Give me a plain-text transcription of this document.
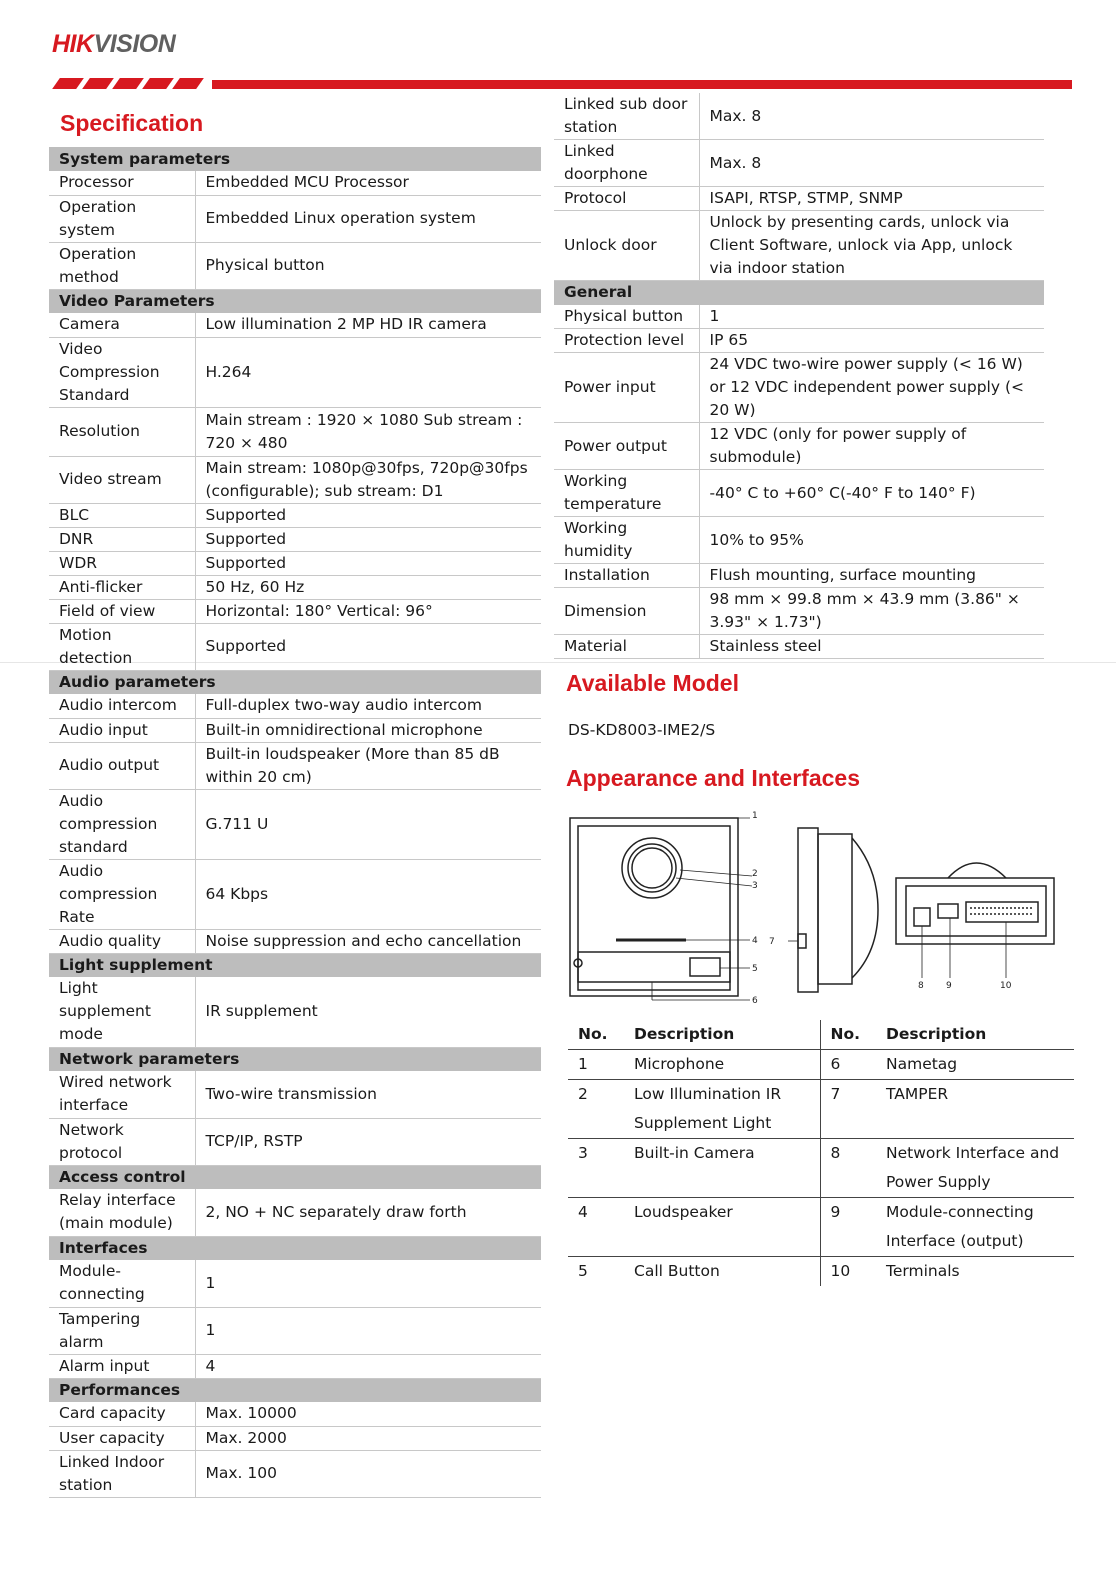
HIKVISION
Specification
System parameters	
Processor	Embedded MCU Processor
Operation system	Embedded Linux operation system
Operation method	Physical button
Video Parameters	
Camera	Low illumination 2 MP HD IR camera
Video Compression Standard	H.264
Resolution	Main stream : 1920 × 1080 Sub stream : 720 × 480
Video stream	Main stream: 1080p@30fps, 720p@30fps (configurable); sub stream: D1
BLC	Supported
DNR	Supported
WDR	Supported
Anti-flicker	50 Hz, 60 Hz
Field of view	Horizontal: 180° Vertical: 96°
Motion detection	Supported
Audio parameters	
Audio intercom	Full-duplex two-way audio intercom
Audio input	Built-in omnidirectional microphone
Audio output	Built-in loudspeaker (More than 85 dB within 20 cm)
Audio compression standard	G.711 U
Audio compression Rate	64 Kbps
Audio quality	Noise suppression and echo cancellation
Light supplement	
Light supplement mode	IR supplement
Network parameters	
Wired network interface	Two-wire transmission
Network protocol	TCP/IP, RSTP
Access control	
Relay interface (main module)	2, NO + NC separately draw forth
Interfaces	
Module-connecting	1
Tampering alarm	1
Alarm input	4
Performances	
Card capacity	Max. 10000
User capacity	Max. 2000
Linked Indoor station	Max. 100
Linked sub door station	Max. 8
Linked doorphone	Max. 8
Protocol	ISAPI, RTSP, STMP, SNMP
Unlock door	Unlock by presenting cards, unlock via Client Software, unlock via App, unlock via indoor station
General	
Physical button	1
Protection level	IP 65
Power input	24 VDC two-wire power supply (< 16 W) or 12 VDC independent power supply (< 20 W)
Power output	12 VDC (only for power supply of submodule)
Working temperature	-40° C to +60° C(-40° F to 140° F)
Working humidity	10% to 95%
Installation	Flush mounting, surface mounting
Dimension	98 mm × 99.8 mm × 43.9 mm (3.86" × 3.93" × 1.73")
Material	Stainless steel
Available Model
DS-KD8003-IME2/S
Appearance and Interfaces
1
2
3
4
5
6
7
8 9	10
No.	Description	No.	Description
1	Microphone	6	Nametag
2	Low Illumination IR Supplement Light	7	TAMPER
3	Built-in Camera	8	Network Interface and Power Supply
4	Loudspeaker	9	Module-connecting Interface (output)
5	Call Button	10	Terminals
